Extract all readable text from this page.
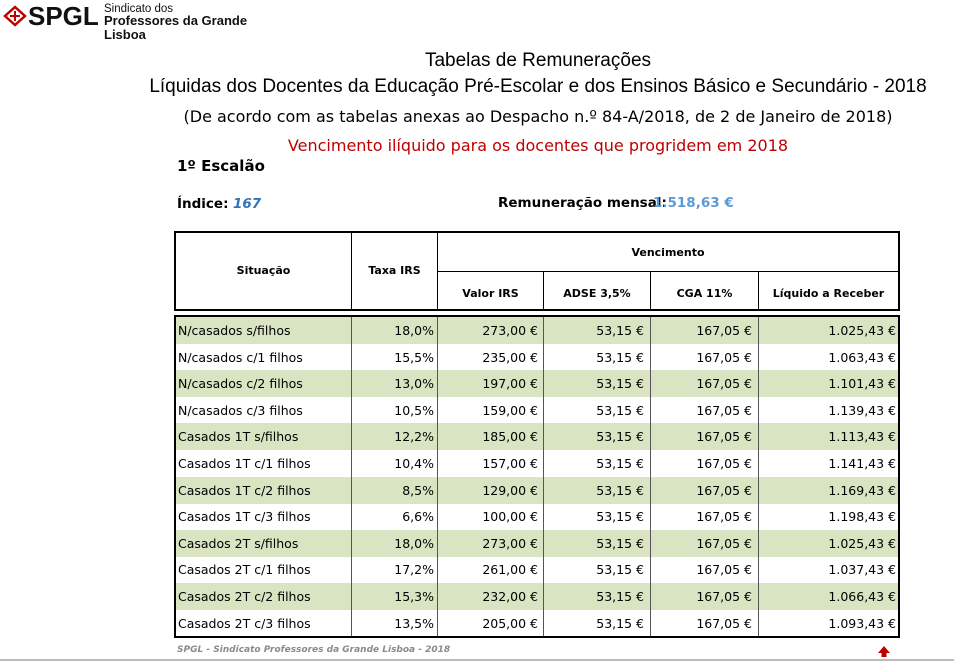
SPGL Sindicato dos
Professores da Grande Lisboa
Tabelas de Remunerações
Líquidas dos Docentes da Educação Pré-Escolar e dos Ensinos Básico e Secundário - 2018
(De acordo com as tabelas anexas ao Despacho n.º 84-A/2018, de 2 de Janeiro de 2018)
Vencimento ilíquido para os docentes que progridem em 2018
1º Escalão
Índice: 167	Remuneração mensal:
1.518,63 €
Situação	Taxa IRS
Vencimento
Valor IRS	ADSE 3,5%	CGA 11%	Líquido a Receber
N/casados s/filhos	18,0%	273,00 €	53,15 €	167,05 €	1.025,43 €
N/casados c/1 filhos	15,5%	235,00 €	53,15 €	167,05 €	1.063,43 €
N/casados c/2 filhos	13,0%	197,00 €	53,15 €	167,05 €	1.101,43 €
N/casados c/3 filhos	10,5%	159,00 €	53,15 €	167,05 €	1.139,43 €
Casados 1T s/filhos	12,2%	185,00 €	53,15 €	167,05 €	1.113,43 €
Casados 1T c/1 filhos	10,4%	157,00 €	53,15 €	167,05 €	1.141,43 €
Casados 1T c/2 filhos	8,5%	129,00 €	53,15 €	167,05 €	1.169,43 €
Casados 1T c/3 filhos	6,6%	100,00 €	53,15 €	167,05 €	1.198,43 €
Casados 2T s/filhos	18,0%	273,00 €	53,15 €	167,05 €	1.025,43 €
Casados 2T c/1 filhos	17,2%	261,00 €	53,15 €	167,05 €	1.037,43 €
Casados 2T c/2 filhos	15,3%	232,00 €	53,15 €	167,05 €	1.066,43 €
Casados 2T c/3 filhos	13,5%	205,00 €	53,15 €	167,05 €	1.093,43 €
SPGL - Sindicato Professores da Grande Lisboa - 2018
